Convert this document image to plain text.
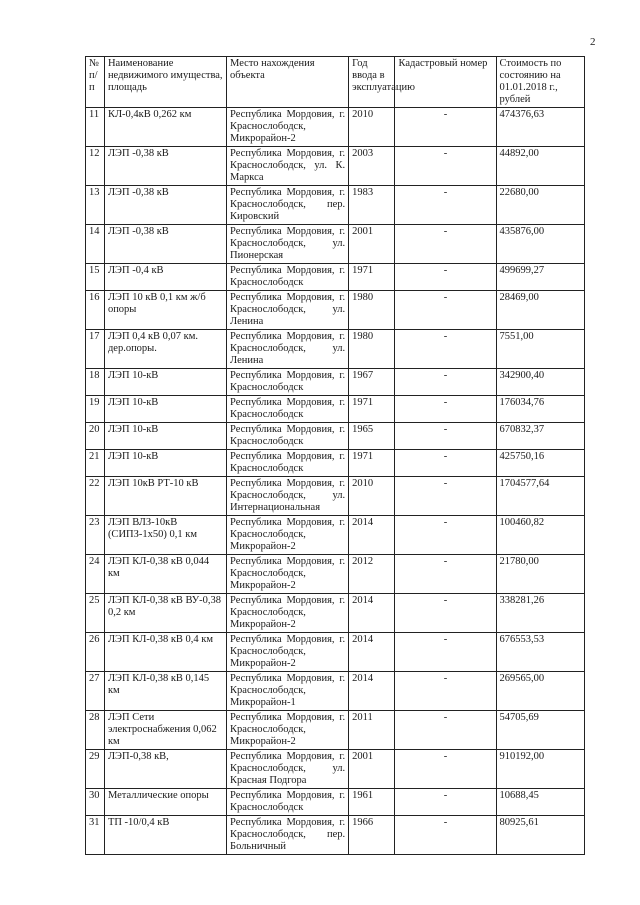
2
№ п/п	Наименование недвижимого имущества, площадь	Место нахождения объекта	Год ввода в эксплуатацию	Кадастровый номер	Стоимость по состоянию на 01.01.2018 г., рублей
11	КЛ-0,4кВ 0,262 км	Республика Мордовия, г. Краснослободск, Микрорайон-2	2010	-	474376,63
12	ЛЭП -0,38 кВ	Республика Мордовия, г. Краснослободск, ул. К. Маркса	2003	-	44892,00
13	ЛЭП -0,38 кВ	Республика Мордовия, г. Краснослободск, пер. Кировский	1983	-	22680,00
14	ЛЭП -0,38 кВ	Республика Мордовия, г. Краснослободск, ул. Пионерская	2001	-	435876,00
15	ЛЭП -0,4 кВ	Республика Мордовия, г. Краснослободск	1971	-	499699,27
16	ЛЭП 10 кВ 0,1 км ж/б опоры	Республика Мордовия, г. Краснослободск, ул. Ленина	1980	-	28469,00
17	ЛЭП 0,4 кВ 0,07 км. дер.опоры.	Республика Мордовия, г. Краснослободск, ул. Ленина	1980	-	7551,00
18	ЛЭП 10-кВ	Республика Мордовия, г. Краснослободск	1967	-	342900,40
19	ЛЭП 10-кВ	Республика Мордовия, г. Краснослободск	1971	-	176034,76
20	ЛЭП 10-кВ	Республика Мордовия, г. Краснослободск	1965	-	670832,37
21	ЛЭП 10-кВ	Республика Мордовия, г. Краснослободск	1971	-	425750,16
22	ЛЭП 10кВ РТ-10 кВ	Республика Мордовия, г. Краснослободск, ул. Интернациональная	2010	-	1704577,64
23	ЛЭП ВЛЗ-10кВ (СИПЗ-1х50) 0,1 км	Республика Мордовия, г. Краснослободск, Микрорайон-2	2014	-	100460,82
24	ЛЭП КЛ-0,38 кВ 0,044 км	Республика Мордовия, г. Краснослободск, Микрорайон-2	2012	-	21780,00
25	ЛЭП КЛ-0,38 кВ ВУ-0,38 0,2 км	Республика Мордовия, г. Краснослободск, Микрорайон-2	2014	-	338281,26
26	ЛЭП КЛ-0,38 кВ 0,4 км	Республика Мордовия, г. Краснослободск, Микрорайон-2	2014	-	676553,53
27	ЛЭП КЛ-0,38 кВ 0,145 км	Республика Мордовия, г. Краснослободск, Микрорайон-1	2014	-	269565,00
28	ЛЭП Сети электроснабжения 0,062 км	Республика Мордовия, г. Краснослободск, Микрорайон-2	2011	-	54705,69
29	ЛЭП-0,38 кВ,	Республика Мордовия, г. Краснослободск, ул. Красная Подгора	2001	-	910192,00
30	Металлические опоры	Республика Мордовия, г. Краснослободск	1961	-	10688,45
31	ТП -10/0,4 кВ	Республика Мордовия, г. Краснослободск, пер. Больничный	1966	-	80925,61
